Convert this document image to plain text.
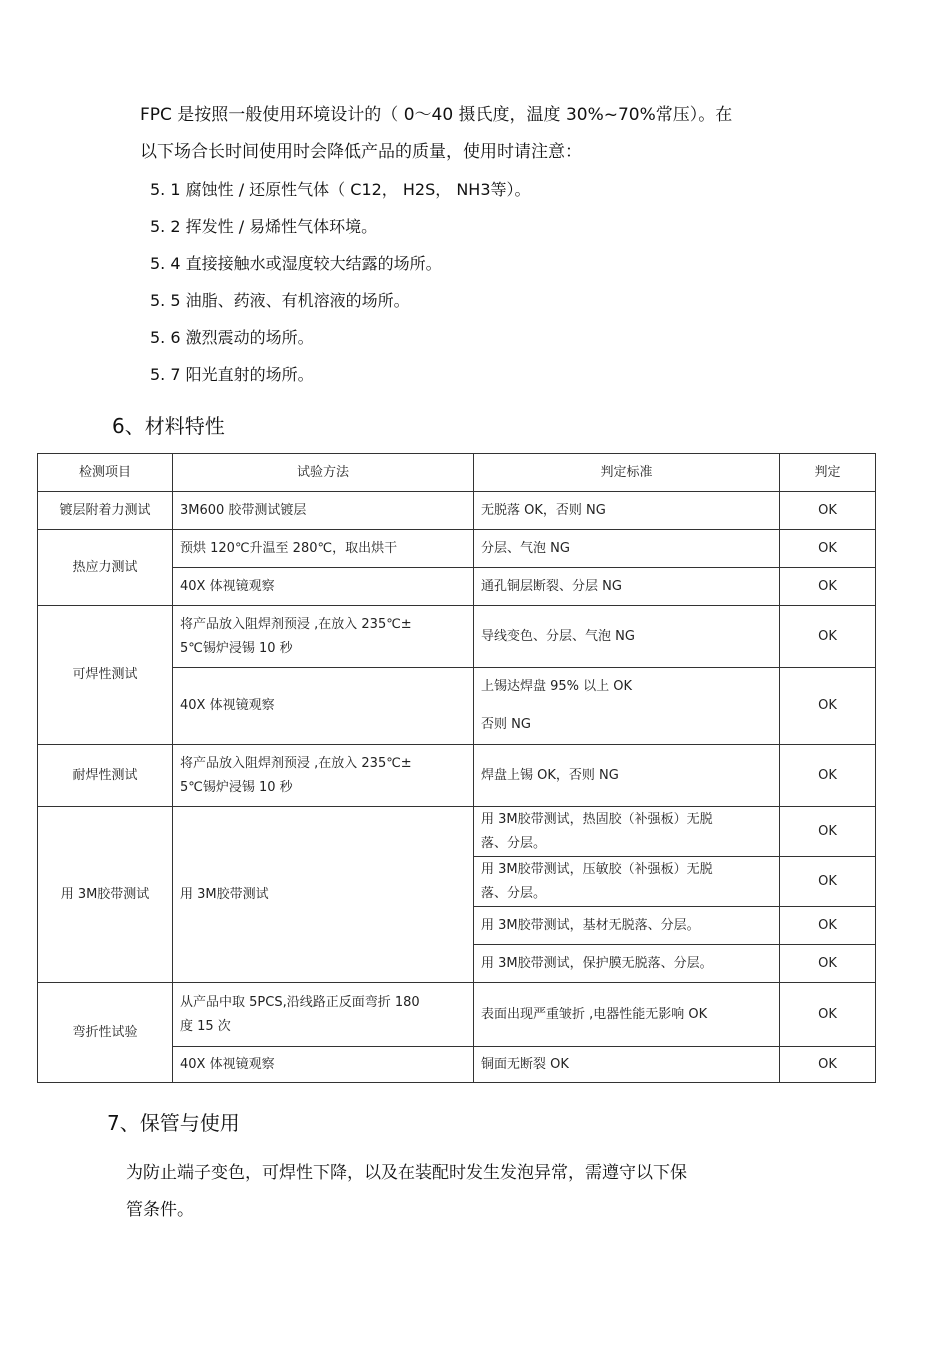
FPC 是按照一般使用环境设计的（ 0～40 摄氏度，温度 30%~70%常压）。在
以下场合长时间使用时会降低产品的质量，使用时请注意：
5. 1 腐蚀性 / 还原性气体（ C12， H2S， NH3等）。
5. 2 挥发性 / 易烯性气体环境。
5. 4 直接接触水或湿度较大结露的场所。
5. 5 油脂、药液、有机溶液的场所。
5. 6 激烈震动的场所。
5. 7 阳光直射的场所。
6、材料特性
检测项目	试验方法	判定标准	判定
镀层附着力测试	3M600 胶带测试镀层	无脱落 OK，否则 NG	OK
热应力测试	预烘 120℃升温至 280℃，取出烘干	分层、气泡 NG	OK
	40X 体视镜观察	通孔铜层断裂、分层 NG	OK
可焊性测试	将产品放入阻焊剂预浸 ,在放入 235℃±
5℃锡炉浸锡 10 秒	导线变色、分层、气泡 NG	OK
	40X 体视镜观察	上锡达焊盘 95% 以上 OK
否则 NG	OK
耐焊性测试	将产品放入阻焊剂预浸 ,在放入 235℃±
5℃锡炉浸锡 10 秒	焊盘上锡 OK，否则 NG	OK
用 3M胶带测试	用 3M胶带测试	用 3M胶带测试，热固胶（补强板）无脱
落、分层。	OK

		用 3M胶带测试，压敏胶（补强板）无脱
落、分层。	OK
		用 3M胶带测试，基材无脱落、分层。	OK
		用 3M胶带测试，保护膜无脱落、分层。	OK
弯折性试验	从产品中取 5PCS,沿线路正反面弯折 180
度 15 次	表面出现严重皱折 ,电器性能无影响 OK	OK
	40X 体视镜观察	铜面无断裂 OK	OK
7、保管与使用
为防止端子变色，可焊性下降，以及在装配时发生发泡异常，需遵守以下保
管条件。
